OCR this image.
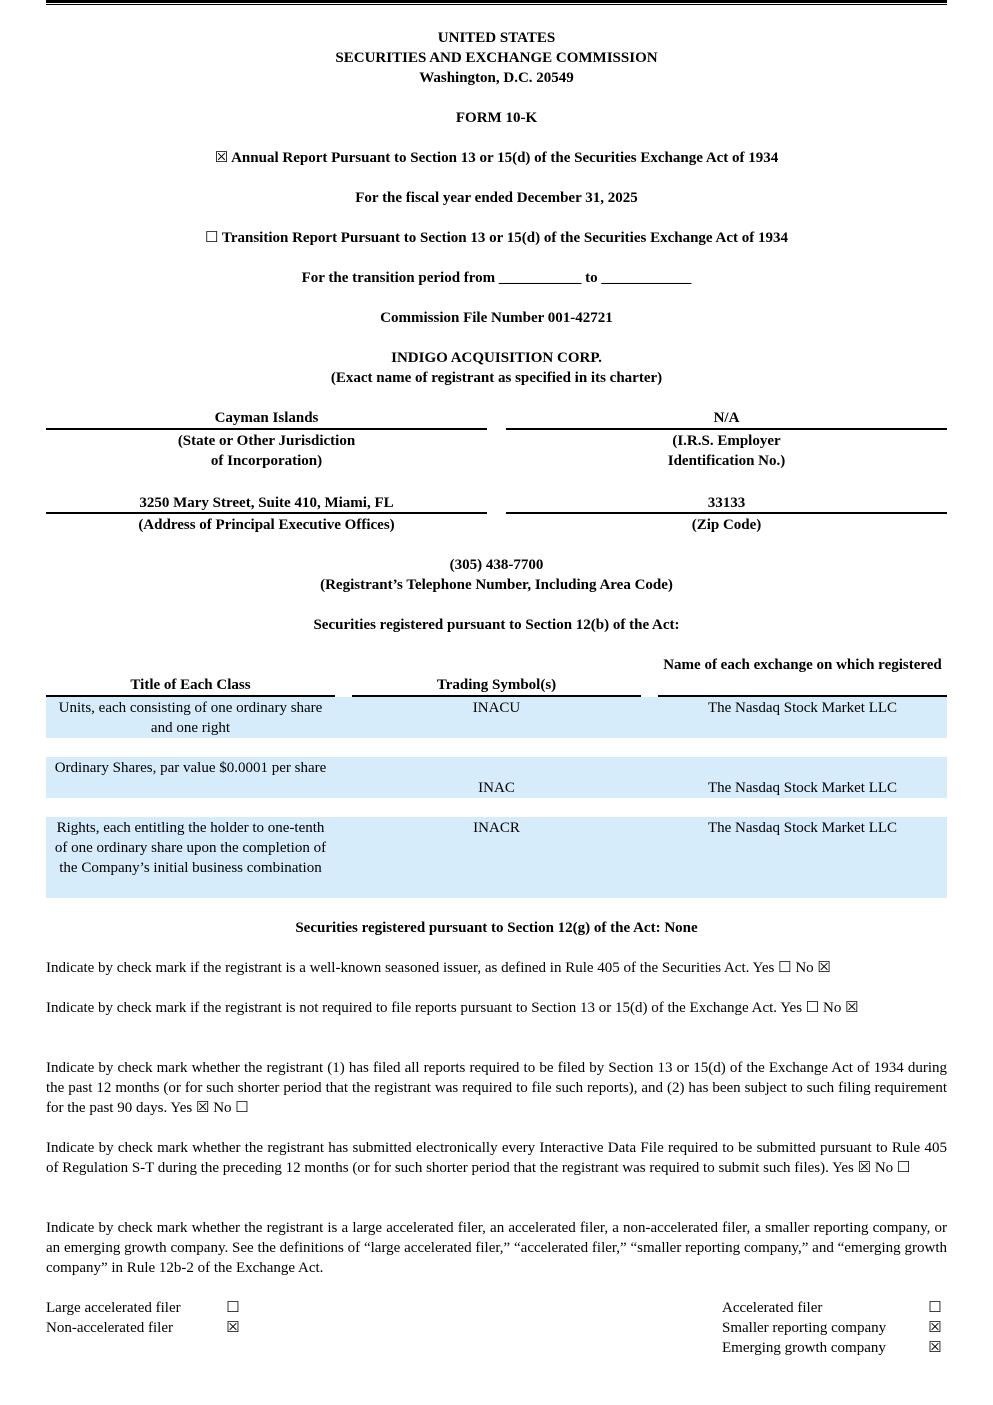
UNITED STATES
SECURITIES AND EXCHANGE COMMISSION
Washington, D.C. 20549
FORM 10-K
☒ Annual Report Pursuant to Section 13 or 15(d) of the Securities Exchange Act of 1934
For the fiscal year ended December 31, 2025
☐ Transition Report Pursuant to Section 13 or 15(d) of the Securities Exchange Act of 1934
For the transition period from ___________ to ____________
Commission File Number 001-42721
INDIGO ACQUISITION CORP.
(Exact name of registrant as specified in its charter)
Cayman Islands
(State or Other Jurisdiction
of Incorporation)
N/A
(I.R.S. Employer
Identification No.)
3250 Mary Street, Suite 410, Miami, FL
(Address of Principal Executive Offices)
33133
(Zip Code)
(305) 438-7700
(Registrant’s Telephone Number, Including Area Code)
Securities registered pursuant to Section 12(b) of the Act:
Title of Each Class	Trading Symbol(s)
Name of each exchange on which registered
Units, each consisting of one ordinary share and one right
INACU	The Nasdaq Stock Market LLC
Ordinary Shares, par value $0.0001 per share
INAC	The Nasdaq Stock Market LLC
Rights, each entitling the holder to one-tenth of one ordinary share upon the completion of the Company’s initial business combination
INACR	The Nasdaq Stock Market LLC
Securities registered pursuant to Section 12(g) of the Act: None
Indicate by check mark if the registrant is a well-known seasoned issuer, as defined in Rule 405 of the Securities Act. Yes ☐ No ☒
Indicate by check mark if the registrant is not required to file reports pursuant to Section 13 or 15(d) of the Exchange Act. Yes ☐ No ☒
Indicate by check mark whether the registrant (1) has filed all reports required to be filed by Section 13 or 15(d) of the Exchange Act of 1934 during the past 12 months (or for such shorter period that the registrant was required to file such reports), and (2) has been subject to such filing requirement for the past 90 days. Yes ☒ No ☐
Indicate by check mark whether the registrant has submitted electronically every Interactive Data File required to be submitted pursuant to Rule 405 of Regulation S-T during the preceding 12 months (or for such shorter period that the registrant was required to submit such files). Yes ☒ No ☐
Indicate by check mark whether the registrant is a large accelerated filer, an accelerated filer, a non-accelerated filer, a smaller reporting company, or an emerging growth company. See the definitions of “large accelerated filer,” “accelerated filer,” “smaller reporting company,” and “emerging growth company” in Rule 12b-2 of the Exchange Act.
Large accelerated filer	☐
Non-accelerated filer	☒
Accelerated filer	☐
Smaller reporting company	☒
Emerging growth company	☒
